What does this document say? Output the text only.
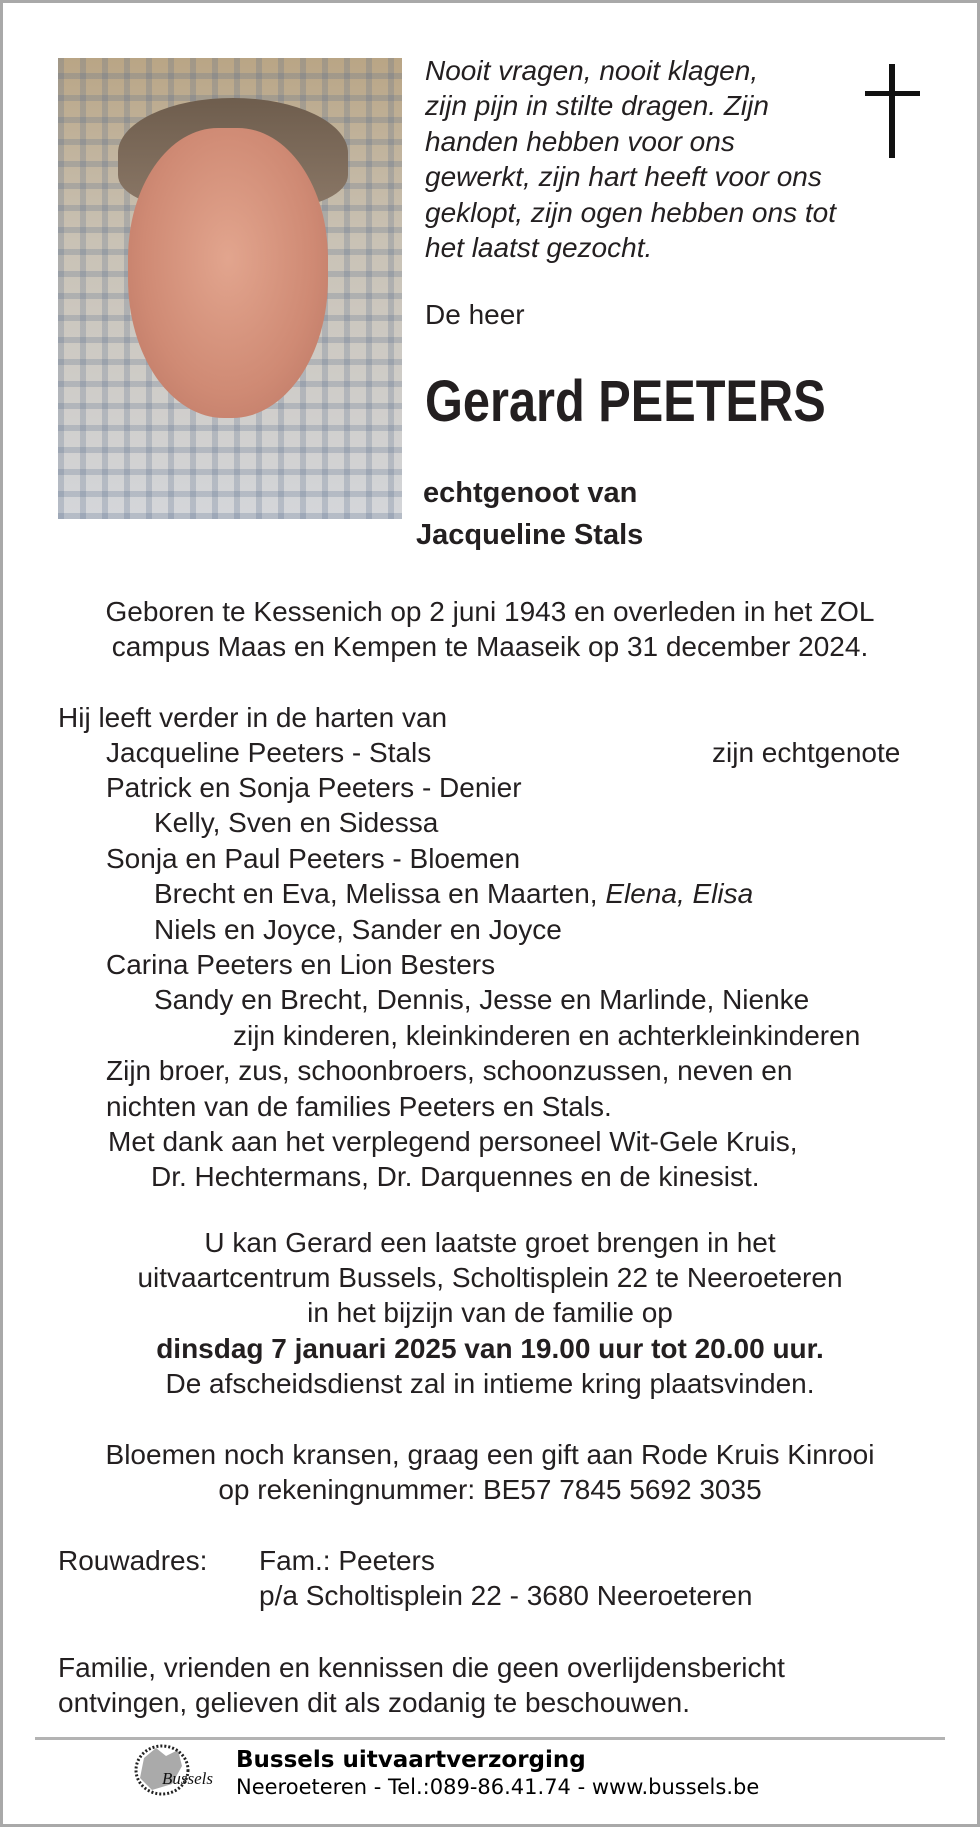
Nooit vragen, nooit klagen,
zijn pijn in stilte dragen. Zijn
handen hebben voor ons
gewerkt, zijn hart heeft voor ons
geklopt, zijn ogen hebben ons tot
het laatst gezocht.
De heer
Gerard PEETERS
echtgenoot van
Jacqueline Stals
Geboren te Kessenich op 2 juni 1943 en overleden in het ZOL
campus Maas en Kempen te Maaseik op 31 december 2024.
Hij leeft verder in de harten van
Jacqueline Peeters - Stals	zijn echtgenote
Patrick en Sonja Peeters - Denier
Kelly, Sven en Sidessa
Sonja en Paul Peeters - Bloemen
Brecht en Eva, Melissa en Maarten, Elena, Elisa
Niels en Joyce, Sander en Joyce
Carina Peeters en Lion Besters
Sandy en Brecht, Dennis, Jesse en Marlinde, Nienke
zijn kinderen, kleinkinderen en achterkleinkinderen
Zijn broer, zus, schoonbroers, schoonzussen, neven en
nichten van de families Peeters en Stals.
Met dank aan het verplegend personeel Wit-Gele Kruis,
Dr. Hechtermans, Dr. Darquennes en de kinesist.
U kan Gerard een laatste groet brengen in het
uitvaartcentrum Bussels, Scholtisplein 22 te Neeroeteren
in het bijzijn van de familie op
dinsdag 7 januari 2025 van 19.00 uur tot 20.00 uur.
De afscheidsdienst zal in intieme kring plaatsvinden.
Bloemen noch kransen, graag een gift aan Rode Kruis Kinrooi
op rekeningnummer: BE57 7845 5692 3035
Rouwadres: Fam.: Peeters
p/a Scholtisplein 22 - 3680 Neeroeteren
Familie, vrienden en kennissen die geen overlijdensbericht
ontvingen, gelieven dit als zodanig te beschouwen.
Bussels
Bussels uitvaartverzorging
Neeroeteren - Tel.:089-86.41.74 - www.bussels.be
